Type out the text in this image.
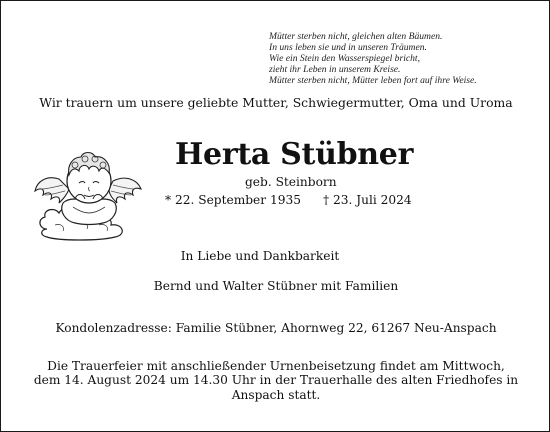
Mütter sterben nicht, gleichen alten Bäumen.
In uns leben sie und in unseren Träumen.
Wie ein Stein den Wasserspiegel bricht,
zieht ihr Leben in unserem Kreise.
Mütter sterben nicht, Mütter leben fort auf ihre Weise.
Wir trauern um unsere geliebte Mutter, Schwiegermutter, Oma und Uroma
Herta Stübner
geb. Steinborn
* 22. September 1935 † 23. Juli 2024
In Liebe und Dankbarkeit
Bernd und Walter Stübner mit Familien
Kondolenzadresse: Familie Stübner, Ahornweg 22, 61267 Neu-Anspach
Die Trauerfeier mit anschließender Urnenbeisetzung findet am Mittwoch,
dem 14. August 2024 um 14.30 Uhr in der Trauerhalle des alten Friedhofes in
Anspach statt.
